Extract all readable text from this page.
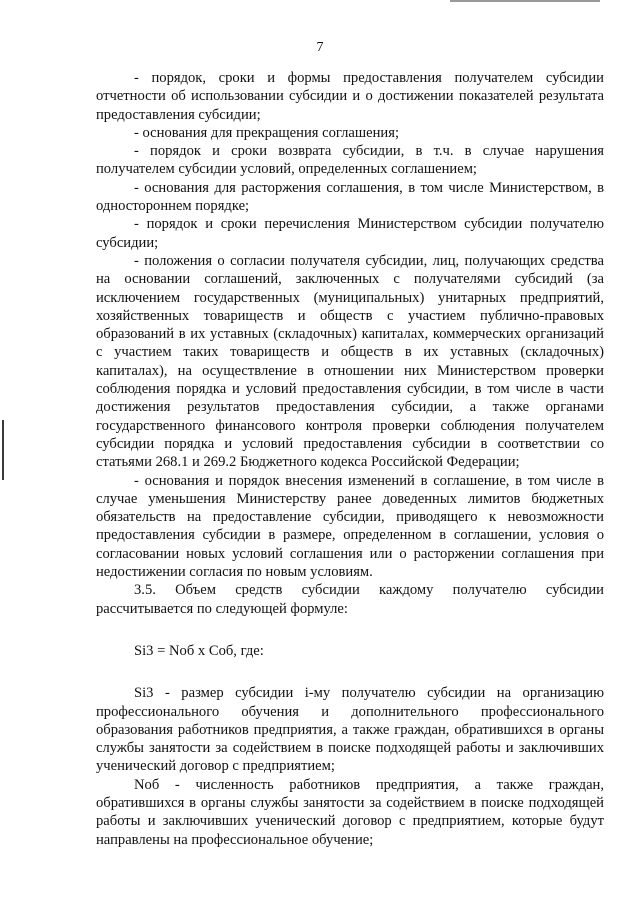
7

- порядок, сроки и формы предоставления получателем субсидии отчетности об использовании субсидии и о достижении показателей результата предоставления субсидии;

- основания для прекращения соглашения;

- порядок и сроки возврата субсидии, в т.ч. в случае нарушения получателем субсидии условий, определенных соглашением;

- основания для расторжения соглашения, в том числе Министерством, в одностороннем порядке;

- порядок и сроки перечисления Министерством субсидии получателю субсидии;

- положения о согласии получателя субсидии, лиц, получающих средства на основании соглашений, заключенных с получателями субсидий (за исключением государственных (муниципальных) унитарных предприятий, хозяйственных товариществ и обществ с участием публично-правовых образований в их уставных (складочных) капиталах, коммерческих организаций с участием таких товариществ и обществ в их уставных (складочных) капиталах), на осуществление в отношении них Министерством проверки соблюдения порядка и условий предоставления субсидии, в том числе в части достижения результатов предоставления субсидии, а также органами государственного финансового контроля проверки соблюдения получателем субсидии порядка и условий предоставления субсидии в соответствии со статьями 268.1 и 269.2 Бюджетного кодекса Российской Федерации;

- основания и порядок внесения изменений в соглашение, в том числе в случае уменьшения Министерству ранее доведенных лимитов бюджетных обязательств на предоставление субсидии, приводящего к невозможности предоставления субсидии в размере, определенном в соглашении, условия о согласовании новых условий соглашения или о расторжении соглашения при недостижении согласия по новым условиям.

3.5. Объем средств субсидии каждому получателю субсидии рассчитывается по следующей формуле:

Si3 = Nоб x Cоб, где:

Si3 - размер субсидии i-му получателю субсидии на организацию профессионального обучения и дополнительного профессионального образования работников предприятия, а также граждан, обратившихся в органы службы занятости за содействием в поиске подходящей работы и заключивших ученический договор с предприятием;

Nоб - численность работников предприятия, а также граждан, обратившихся в органы службы занятости за содействием в поиске подходящей работы и заключивших ученический договор с предприятием, которые будут направлены на профессиональное обучение;
